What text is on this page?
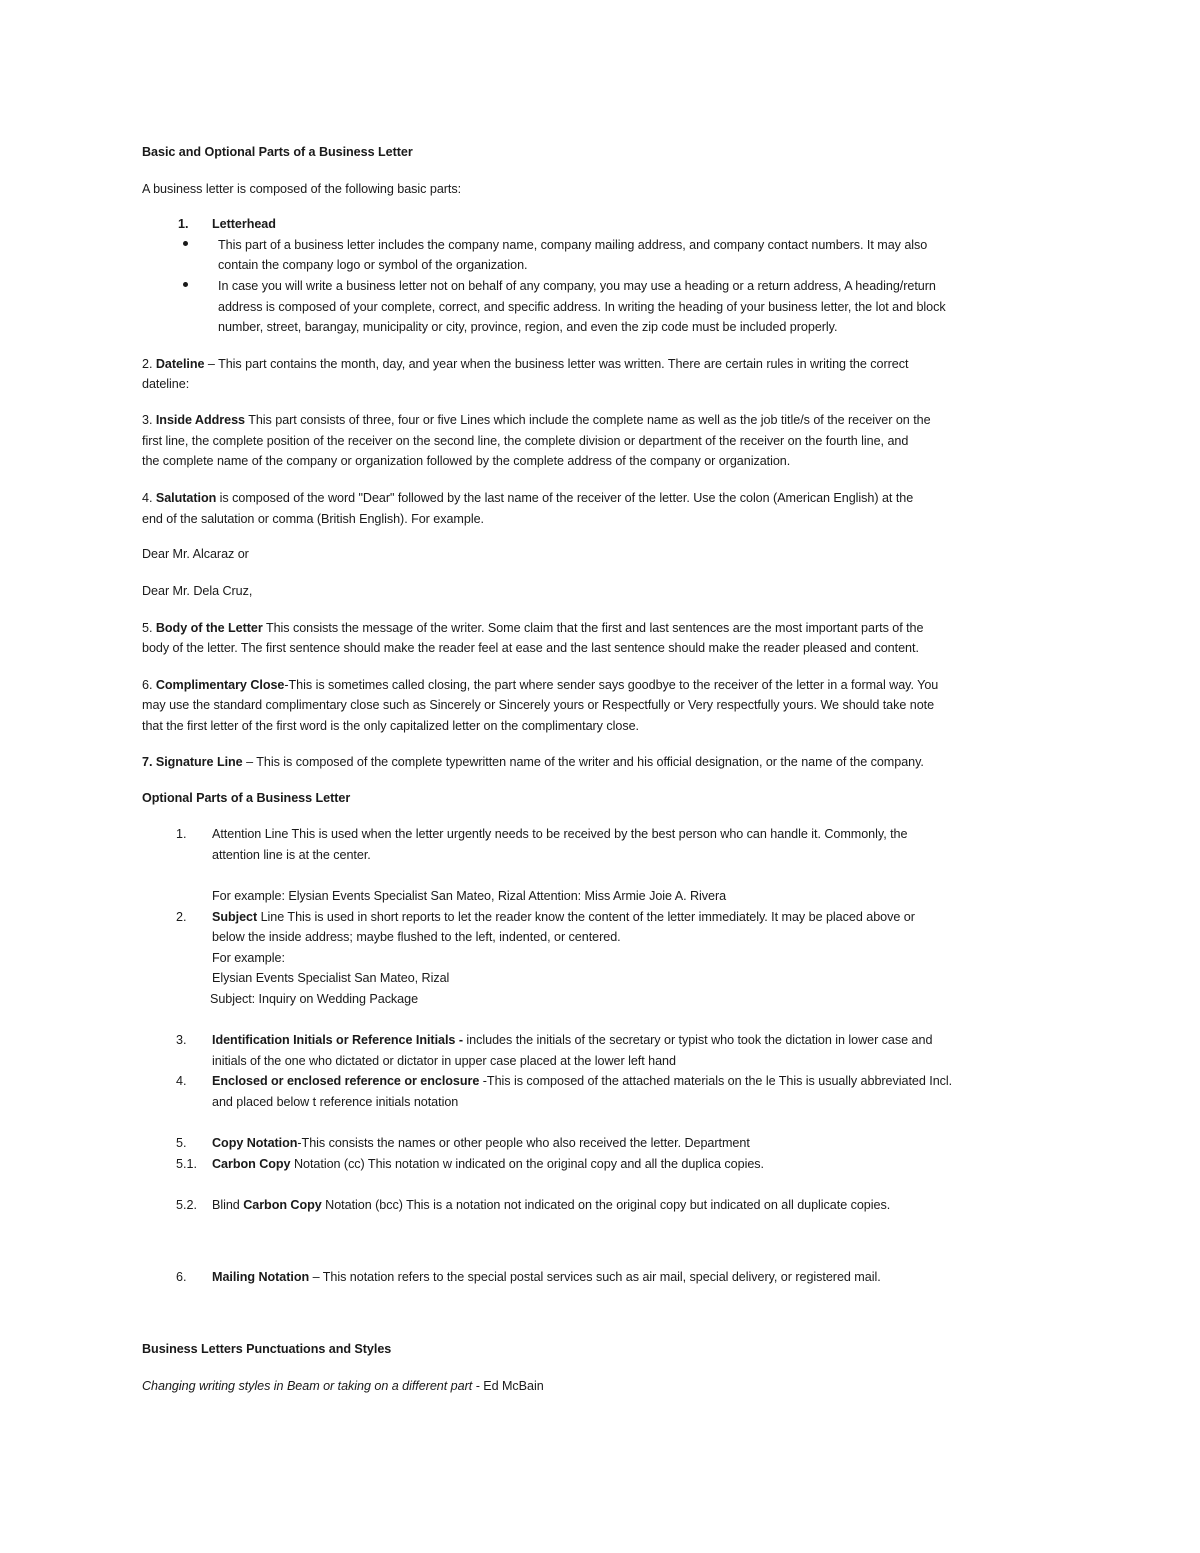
Basic and Optional Parts of a Business Letter

A business letter is composed of the following basic parts:

1. Letterhead

This part of a business letter includes the company name, company mailing address, and company contact numbers. It may also

contain the company logo or symbol of the organization.

In case you will write a business letter not on behalf of any company, you may use a heading or a return address, A heading/return

address is composed of your complete, correct, and specific address. In writing the heading of your business letter, the lot and block

number, street, barangay, municipality or city, province, region, and even the zip code must be included properly.

2. Dateline – This part contains the month, day, and year when the business letter was written. There are certain rules in writing the correct

dateline:

3. Inside Address This part consists of three, four or five Lines which include the complete name as well as the job title/s of the receiver on the

first line, the complete position of the receiver on the second line, the complete division or department of the receiver on the fourth line, and

the complete name of the company or organization followed by the complete address of the company or organization.

4. Salutation is composed of the word "Dear" followed by the last name of the receiver of the letter. Use the colon (American English) at the

end of the salutation or comma (British English). For example.

Dear Mr. Alcaraz or

Dear Mr. Dela Cruz,

5. Body of the Letter This consists the message of the writer. Some claim that the first and last sentences are the most important parts of the

body of the letter. The first sentence should make the reader feel at ease and the last sentence should make the reader pleased and content.

6. Complimentary Close-This is sometimes called closing, the part where sender says goodbye to the receiver of the letter in a formal way. You

may use the standard complimentary close such as Sincerely or Sincerely yours or Respectfully or Very respectfully yours. We should take note

that the first letter of the first word is the only capitalized letter on the complimentary close.

7. Signature Line – This is composed of the complete typewritten name of the writer and his official designation, or the name of the company.

Optional Parts of a Business Letter

1. Attention Line This is used when the letter urgently needs to be received by the best person who can handle it. Commonly, the

attention line is at the center.

For example: Elysian Events Specialist San Mateo, Rizal Attention: Miss Armie Joie A. Rivera

2. Subject Line This is used in short reports to let the reader know the content of the letter immediately. It may be placed above or

below the inside address; maybe flushed to the left, indented, or centered.

For example:

Elysian Events Specialist San Mateo, Rizal

Subject: Inquiry on Wedding Package

3. Identification Initials or Reference Initials - includes the initials of the secretary or typist who took the dictation in lower case and

initials of the one who dictated or dictator in upper case placed at the lower left hand

4. Enclosed or enclosed reference or enclosure -This is composed of the attached materials on the le This is usually abbreviated Incl.

and placed below t reference initials notation

5. Copy Notation-This consists the names or other people who also received the letter. Department

5.1. Carbon Copy Notation (cc) This notation w indicated on the original copy and all the duplica copies.

5.2. Blind Carbon Copy Notation (bcc) This is a notation not indicated on the original copy but indicated on all duplicate copies.

6. Mailing Notation – This notation refers to the special postal services such as air mail, special delivery, or registered mail.

Business Letters Punctuations and Styles

Changing writing styles in Beam or taking on a different part - Ed McBain
